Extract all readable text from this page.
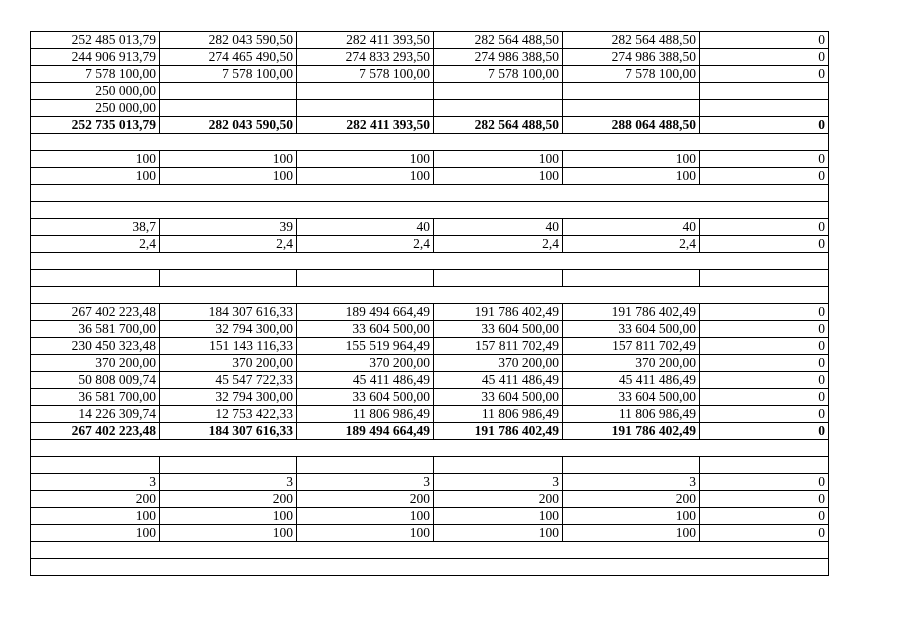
252 485 013,79	282 043 590,50	282 411 393,50	282 564 488,50	282 564 488,50	0
244 906 913,79	274 465 490,50	274 833 293,50	274 986 388,50	274 986 388,50	0
7 578 100,00	7 578 100,00	7 578 100,00	7 578 100,00	7 578 100,00	0
250 000,00					
250 000,00					
252 735 013,79	282 043 590,50	282 411 393,50	282 564 488,50	288 064 488,50	0

100	100	100	100	100	0
100	100	100	100	100	0

38,7	39	40	40	40	0
2,4	2,4	2,4	2,4	2,4	0

267 402 223,48	184 307 616,33	189 494 664,49	191 786 402,49	191 786 402,49	0
36 581 700,00	32 794 300,00	33 604 500,00	33 604 500,00	33 604 500,00	0
230 450 323,48	151 143 116,33	155 519 964,49	157 811 702,49	157 811 702,49	0
370 200,00	370 200,00	370 200,00	370 200,00	370 200,00	0
50 808 009,74	45 547 722,33	45 411 486,49	45 411 486,49	45 411 486,49	0
36 581 700,00	32 794 300,00	33 604 500,00	33 604 500,00	33 604 500,00	0
14 226 309,74	12 753 422,33	11 806 986,49	11 806 986,49	11 806 986,49	0
267 402 223,48	184 307 616,33	189 494 664,49	191 786 402,49	191 786 402,49	0

3	3	3	3	3	0
200	200	200	200	200	0
100	100	100	100	100	0
100	100	100	100	100	0
